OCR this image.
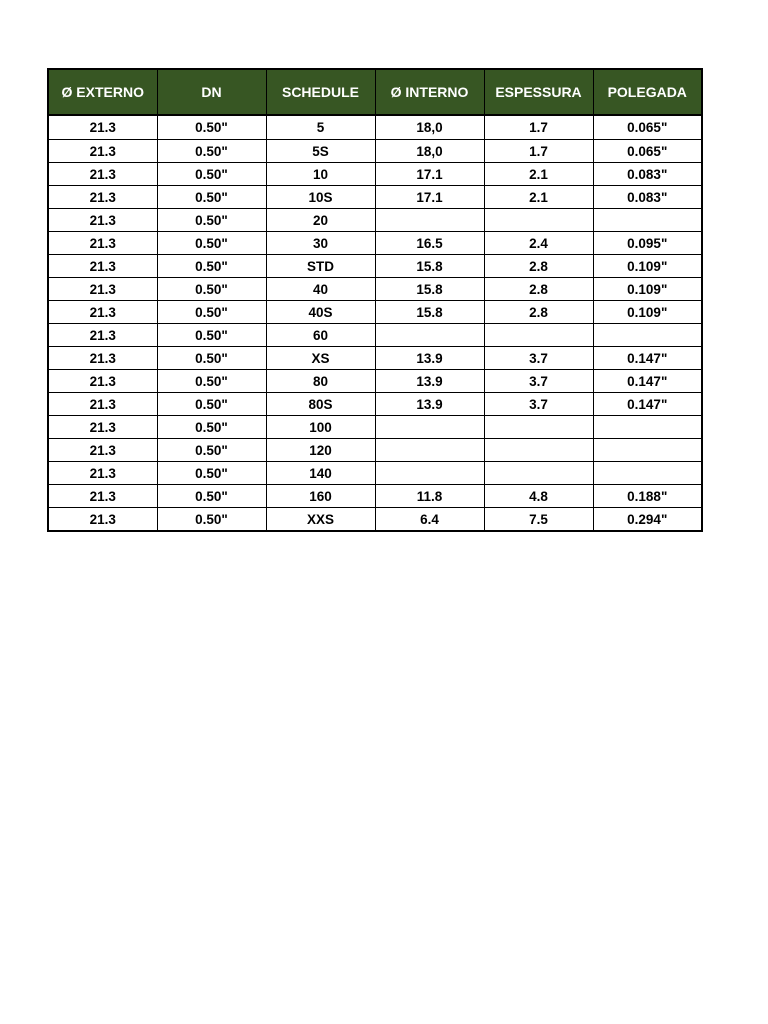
Ø EXTERNO	DN	SCHEDULE	Ø INTERNO	ESPESSURA	POLEGADA
21.3	0.50"	5	18,0	1.7	0.065"
21.3	0.50"	5S	18,0	1.7	0.065"
21.3	0.50"	10	17.1	2.1	0.083"
21.3	0.50"	10S	17.1	2.1	0.083"
21.3	0.50"	20			
21.3	0.50"	30	16.5	2.4	0.095"
21.3	0.50"	STD	15.8	2.8	0.109"
21.3	0.50"	40	15.8	2.8	0.109"
21.3	0.50"	40S	15.8	2.8	0.109"
21.3	0.50"	60			
21.3	0.50"	XS	13.9	3.7	0.147"
21.3	0.50"	80	13.9	3.7	0.147"
21.3	0.50"	80S	13.9	3.7	0.147"
21.3	0.50"	100			
21.3	0.50"	120			
21.3	0.50"	140			
21.3	0.50"	160	11.8	4.8	0.188"
21.3	0.50"	XXS	6.4	7.5	0.294"
